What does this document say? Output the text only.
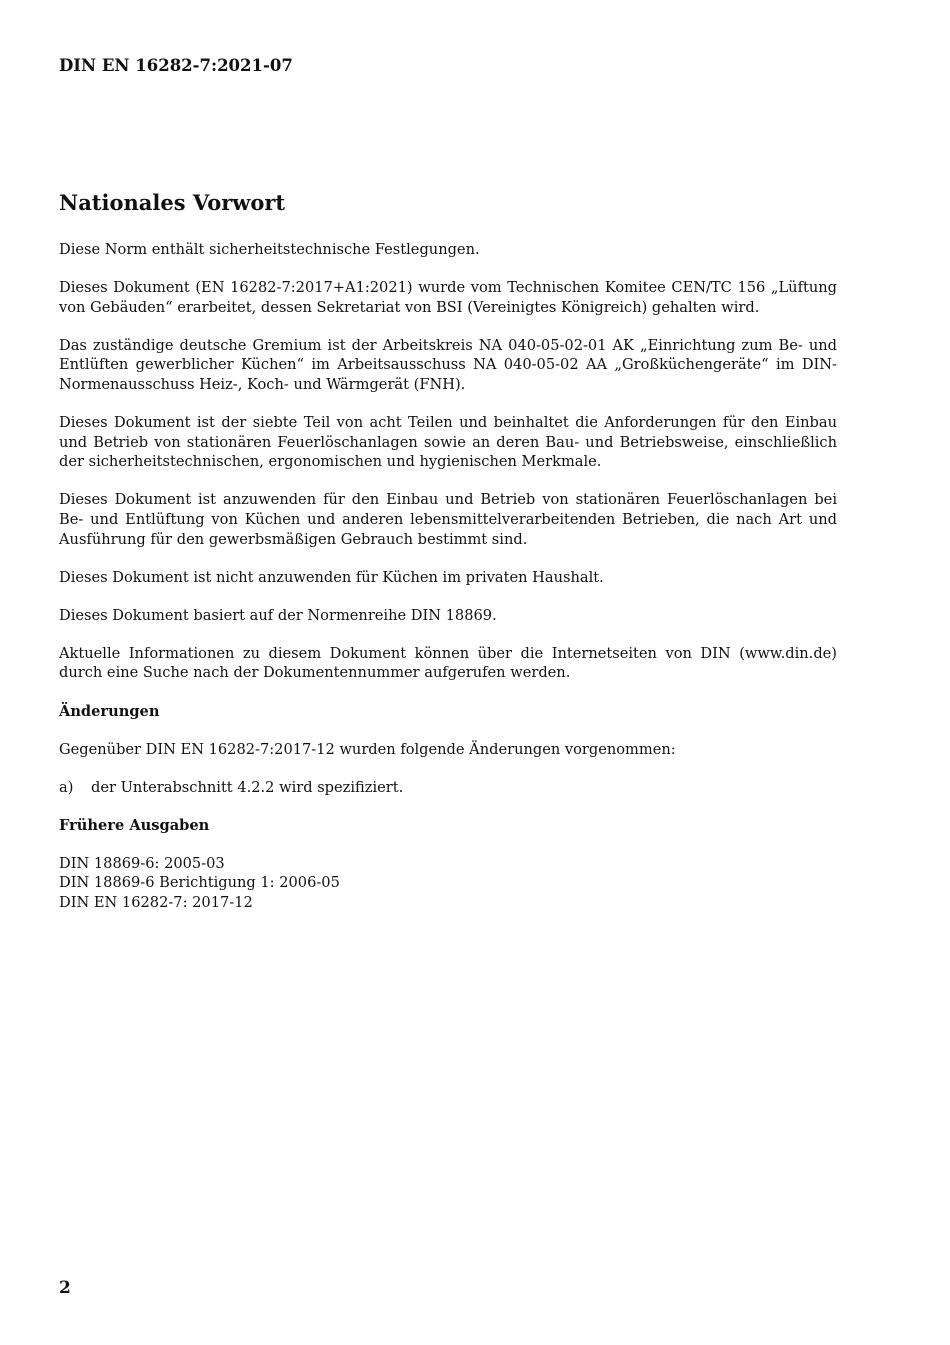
DIN EN 16282-7:2021-07

Nationales Vorwort

Diese Norm enthält sicherheitstechnische Festlegungen.

Dieses Dokument (EN 16282-7:2017+A1:2021) wurde vom Technischen Komitee CEN/TC 156 „Lüftung von Gebäuden“ erarbeitet, dessen Sekretariat von BSI (Vereinigtes Königreich) gehalten wird.

Das zuständige deutsche Gremium ist der Arbeitskreis NA 040-05-02-01 AK „Einrichtung zum Be- und Entlüften gewerblicher Küchen“ im Arbeitsausschuss NA 040-05-02 AA „Großküchengeräte“ im DIN-Normenausschuss Heiz-, Koch- und Wärmgerät (FNH).

Dieses Dokument ist der siebte Teil von acht Teilen und beinhaltet die Anforderungen für den Einbau und Betrieb von stationären Feuerlöschanlagen sowie an deren Bau- und Betriebsweise, einschließlich der sicherheitstechnischen, ergonomischen und hygienischen Merkmale.

Dieses Dokument ist anzuwenden für den Einbau und Betrieb von stationären Feuerlöschanlagen bei Be- und Entlüftung von Küchen und anderen lebensmittelverarbeitenden Betrieben, die nach Art und Ausführung für den gewerbsmäßigen Gebrauch bestimmt sind.

Dieses Dokument ist nicht anzuwenden für Küchen im privaten Haushalt.

Dieses Dokument basiert auf der Normenreihe DIN 18869.

Aktuelle Informationen zu diesem Dokument können über die Internetseiten von DIN (www.din.de) durch eine Suche nach der Dokumentennummer aufgerufen werden.

Änderungen

Gegenüber DIN EN 16282-7:2017-12 wurden folgende Änderungen vorgenommen:

a)	der Unterabschnitt 4.2.2 wird spezifiziert.

Frühere Ausgaben

DIN 18869-6: 2005-03
DIN 18869-6 Berichtigung 1: 2006-05
DIN EN 16282-7: 2017-12

2
